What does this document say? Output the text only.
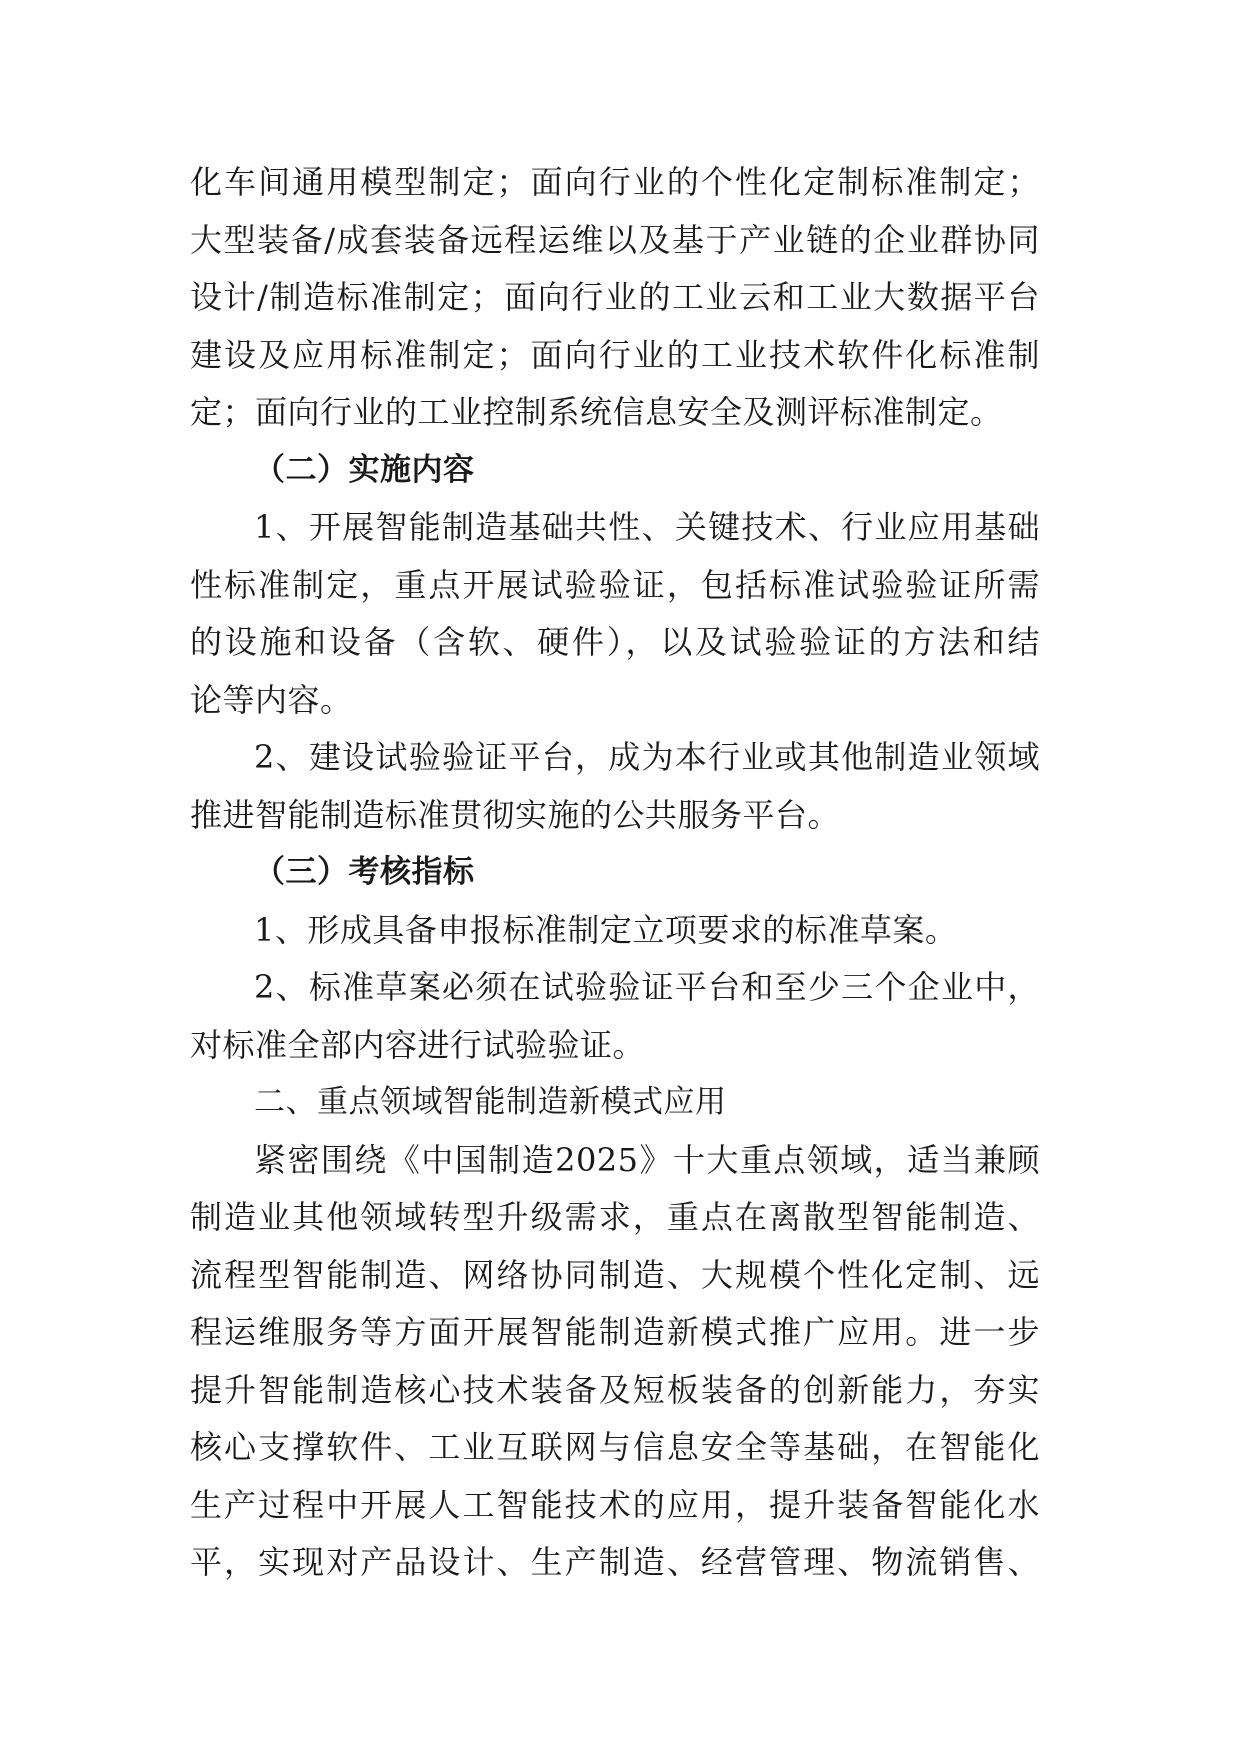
化车间通用模型制定；面向行业的个性化定制标准制定；
大型装备/成套装备远程运维以及基于产业链的企业群协同
设计/制造标准制定；面向行业的工业云和工业大数据平台
建设及应用标准制定；面向行业的工业技术软件化标准制
定；面向行业的工业控制系统信息安全及测评标准制定。
（二）实施内容
1、开展智能制造基础共性、关键技术、行业应用基础
性标准制定，重点开展试验验证，包括标准试验验证所需
的设施和设备（含软、硬件），以及试验验证的方法和结
论等内容。
2、建设试验验证平台，成为本行业或其他制造业领域
推进智能制造标准贯彻实施的公共服务平台。
（三）考核指标
1、形成具备申报标准制定立项要求的标准草案。
2、标准草案必须在试验验证平台和至少三个企业中，
对标准全部内容进行试验验证。
二、重点领域智能制造新模式应用
紧密围绕《中国制造2025》十大重点领域，适当兼顾
制造业其他领域转型升级需求，重点在离散型智能制造、
流程型智能制造、网络协同制造、大规模个性化定制、远
程运维服务等方面开展智能制造新模式推广应用。进一步
提升智能制造核心技术装备及短板装备的创新能力，夯实
核心支撑软件、工业互联网与信息安全等基础，在智能化
生产过程中开展人工智能技术的应用，提升装备智能化水
平，实现对产品设计、生产制造、经营管理、物流销售、
